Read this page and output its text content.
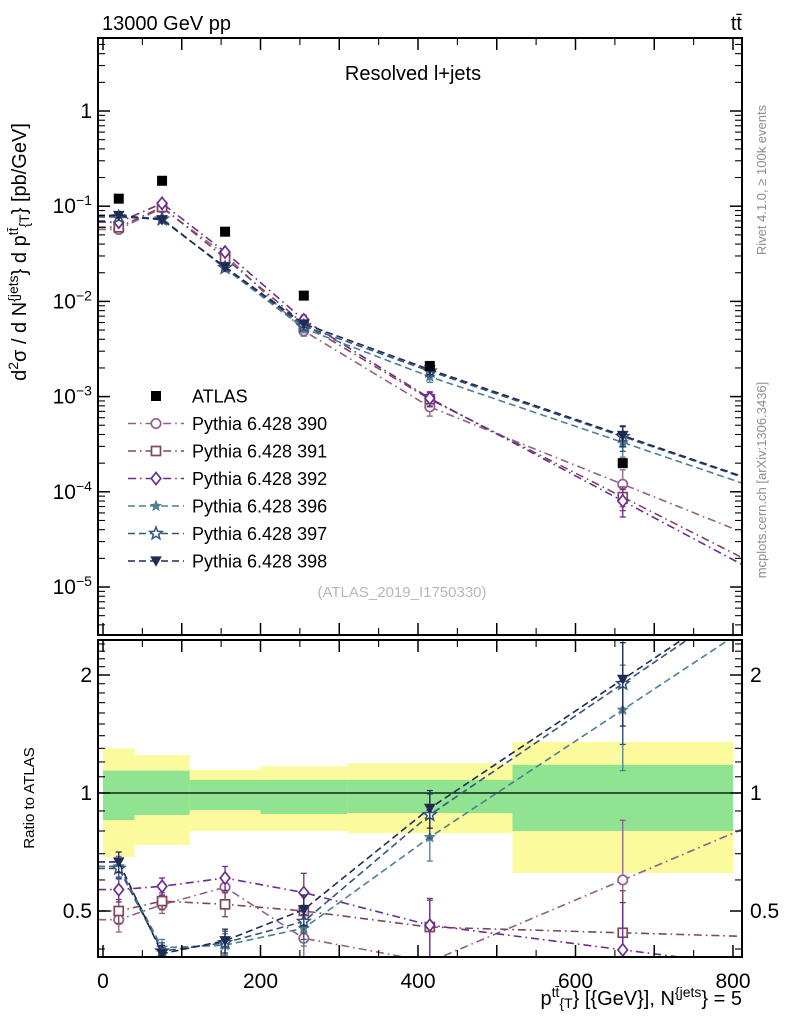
13000 GeV pp	tt̄
Resolved l+jets
(ATLAS_2019_I1750330)
Rivet 4.1.0, ≥ 100k events
mcplots.cern.ch [arXiv:1306.3436]
Ratio to ATLAS
$d^2\sigma$ / d $N^{\{jets}$} d $p^{tt̄}\{T\}$ [pb/GeV]
$p^{tt̄}\{T\}$ [{GeV}], $N^{\{jets}\} = 5$
0	200	400	600	800
1
$10^{-1}$
$10^{-2}$
$10^{-3}$
$10^{-4}$
$10^{-5}$
2	2
1	1
0.5	0.5
ATLAS
Pythia 6.428 390
Pythia 6.428 391
Pythia 6.428 392
Pythia 6.428 396
Pythia 6.428 397
Pythia 6.428 398
